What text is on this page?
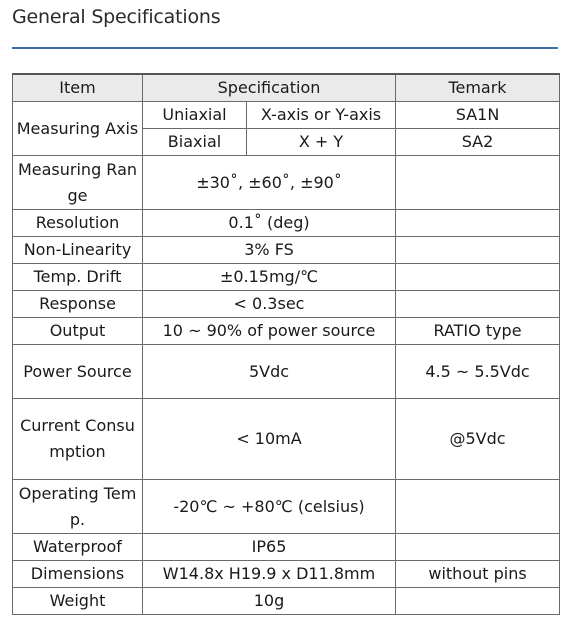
General Specifications
Item	Specification		Temark
Measuring Axis	Uniaxial	X-axis or Y-axis	SA1N
	Biaxial	X + Y	SA2
Measuring Range	±30˚, ±60˚, ±90˚		
Resolution	0.1˚ (deg)		
Non-Linearity	3% FS		
Temp. Drift	±0.15mg/℃		
Response	< 0.3sec		
Output	10 ~ 90% of power source		RATIO type
Power Source	5Vdc		4.5 ~ 5.5Vdc
Current Consumption	< 10mA		@5Vdc
Operating Temp.	-20℃ ~ +80℃ (celsius)		
Waterproof	IP65		
Dimensions	W14.8x H19.9 x D11.8mm		without pins
Weight	10g		
